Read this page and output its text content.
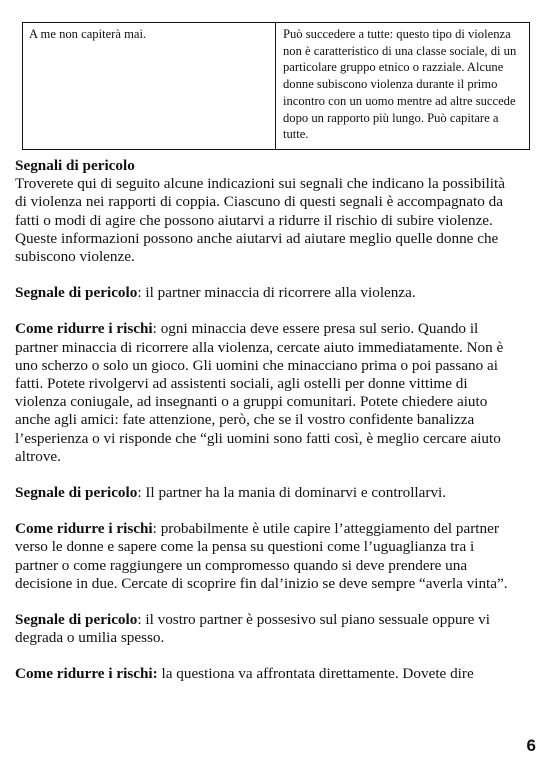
A me non capiterà mai.	Può succedere a tutte: questo tipo di violenza non è caratteristico di una classe sociale, di un particolare gruppo etnico o razziale. Alcune donne subiscono violenza durante il primo incontro con un uomo mentre ad altre succede dopo un rapporto più lungo. Può capitare a tutte.
Segnali di pericolo

Troverete qui di seguito alcune indicazioni sui segnali che indicano la possibilità di violenza nei rapporti di coppia. Ciascuno di questi segnali è accompagnato da fatti o modi di agire che possono aiutarvi a ridurre il rischio di subire violenze. Queste informazioni possono anche aiutarvi ad aiutare meglio quelle donne che subiscono violenze.

Segnale di pericolo: il partner minaccia di ricorrere alla violenza.

Come ridurre i rischi: ogni minaccia deve essere presa sul serio. Quando il partner minaccia di ricorrere alla violenza, cercate aiuto immediatamente. Non è uno scherzo o solo un gioco. Gli uomini che minacciano prima o poi passano ai fatti. Potete rivolgervi ad assistenti sociali, agli ostelli per donne vittime di violenza coniugale, ad insegnanti o a gruppi comunitari. Potete chiedere aiuto anche agli amici: fate attenzione, però, che se il vostro confidente banalizza l’esperienza o vi risponde che “gli uomini sono fatti così, è meglio cercare aiuto altrove.

Segnale di pericolo: Il partner ha la mania di dominarvi e controllarvi.

Come ridurre i rischi: probabilmente è utile capire l’atteggiamento del partner verso le donne e sapere come la pensa su questioni come l’uguaglianza tra i partner o come raggiungere un compromesso quando si deve prendere una decisione in due. Cercate di scoprire fin dal’inizio se deve sempre “averla vinta”.

Segnale di pericolo: il vostro partner è possesivo sul piano sessuale oppure vi degrada o umilia spesso.

Come ridurre i rischi: la questiona va affrontata direttamente. Dovete dire

6
